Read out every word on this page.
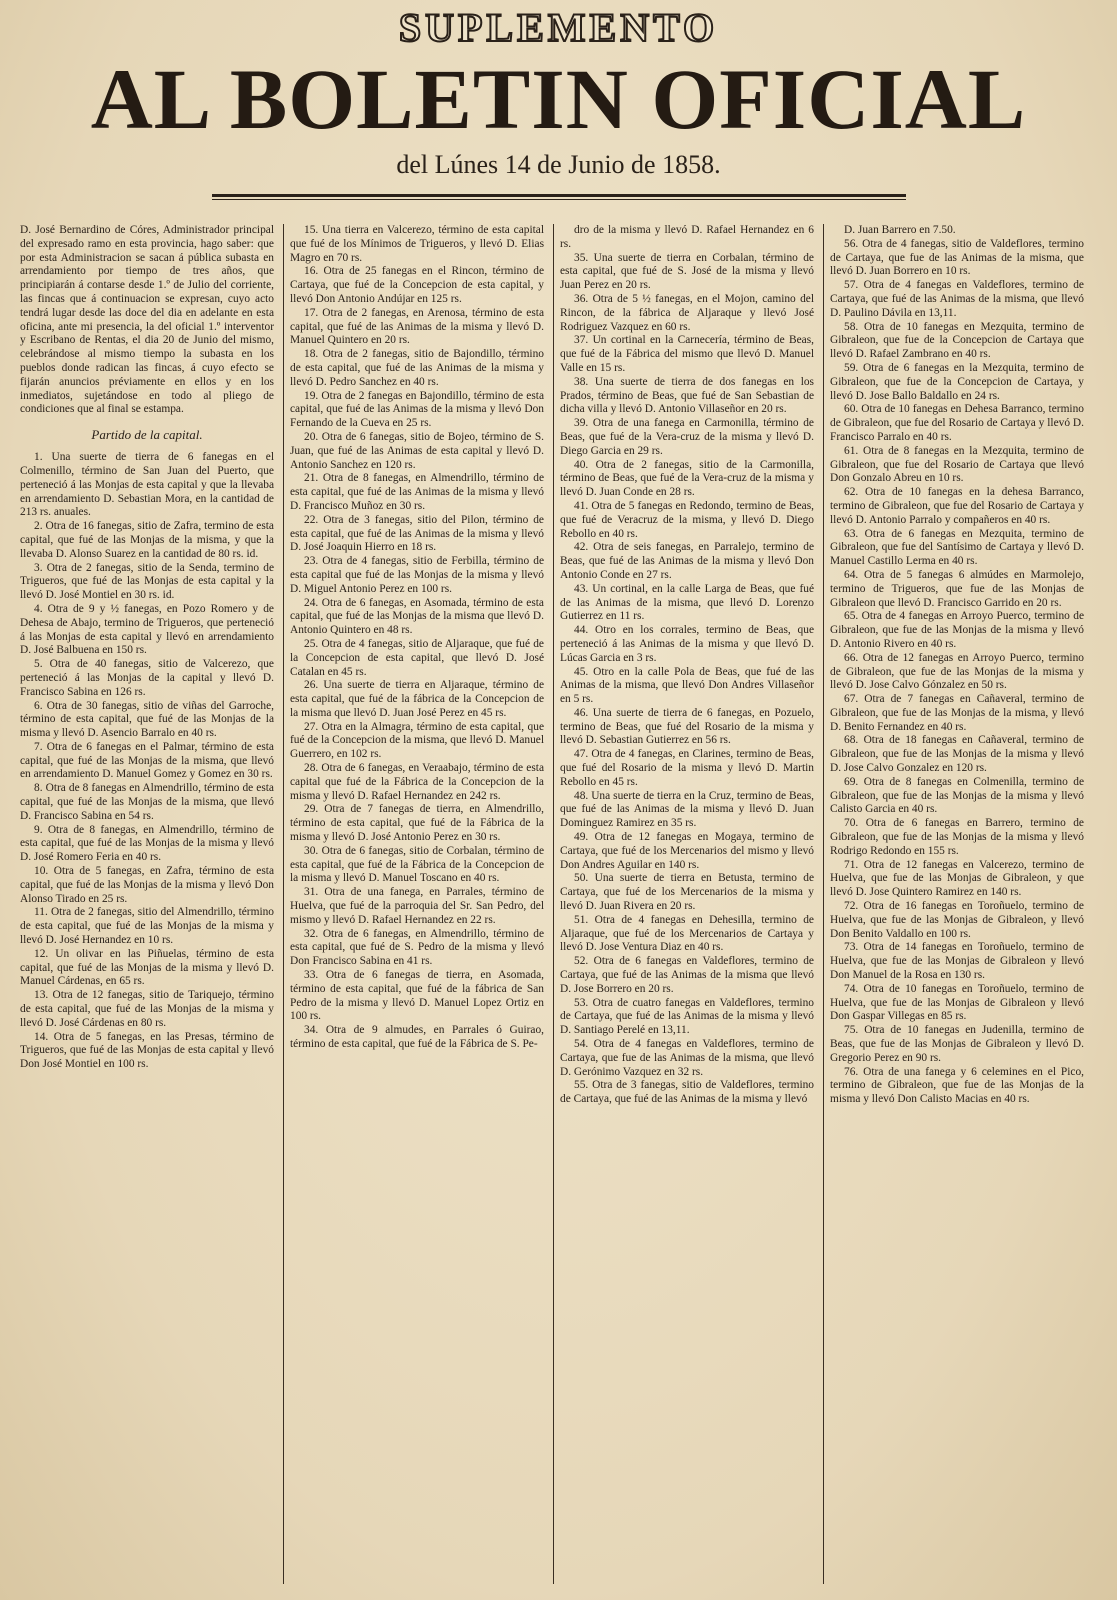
SUPLEMENTO
AL BOLETIN OFICIAL
del Lúnes 14 de Junio de 1858.

D. José Bernardino de Córes, Administrador principal del expresado ramo en esta provincia, hago saber: que por esta Administracion se sacan á pública subasta en arrendamiento por tiempo de tres años, que principiarán á contarse desde 1.º de Julio del corriente, las fincas que á continuacion se expresan, cuyo acto tendrá lugar desde las doce del dia en adelante en esta oficina, ante mi presencia, la del oficial 1.º interventor y Escribano de Rentas, el dia 20 de Junio del mismo, celebrándose al mismo tiempo la subasta en los pueblos donde radican las fincas, á cuyo efecto se fijarán anuncios préviamente en ellos y en los inmediatos, sujetándose en todo al pliego de condiciones que al final se estampa.

Partido de la capital.

1. Una suerte de tierra de 6 fanegas en el Colmenillo, término de San Juan del Puerto, que perteneció á las Monjas de esta capital y que la llevaba en arrendamiento D. Sebastian Mora, en la cantidad de 213 rs. anuales.

2. Otra de 16 fanegas, sitio de Zafra, termino de esta capital, que fué de las Monjas de la misma, y que la llevaba D. Alonso Suarez en la cantidad de 80 rs. id.

3. Otra de 2 fanegas, sitio de la Senda, termino de Trigueros, que fué de las Monjas de esta capital y la llevó D. José Montiel en 30 rs. id.

4. Otra de 9 y ½ fanegas, en Pozo Romero y de Dehesa de Abajo, termino de Trigueros, que perteneció á las Monjas de esta capital y llevó en arrendamiento D. José Balbuena en 150 rs.

5. Otra de 40 fanegas, sitio de Valcerezo, que perteneció á las Monjas de la capital y llevó D. Francisco Sabina en 126 rs.

6. Otra de 30 fanegas, sitio de viñas del Garroche, término de esta capital, que fué de las Monjas de la misma y llevó D. Asencio Barralo en 40 rs.

7. Otra de 6 fanegas en el Palmar, término de esta capital, que fué de las Monjas de la misma, que llevó en arrendamiento D. Manuel Gomez y Gomez en 30 rs.

8. Otra de 8 fanegas en Almendrillo, término de esta capital, que fué de las Monjas de la misma, que llevó D. Francisco Sabina en 54 rs.

9. Otra de 8 fanegas, en Almendrillo, término de esta capital, que fué de las Monjas de la misma y llevó D. José Romero Feria en 40 rs.

10. Otra de 5 fanegas, en Zafra, término de esta capital, que fué de las Monjas de la misma y llevó Don Alonso Tirado en 25 rs.

11. Otra de 2 fanegas, sitio del Almendrillo, término de esta capital, que fué de las Monjas de la misma y llevó D. José Hernandez en 10 rs.

12. Un olivar en las Piñuelas, término de esta capital, que fué de las Monjas de la misma y llevó D. Manuel Cárdenas, en 65 rs.

13. Otra de 12 fanegas, sitio de Tariquejo, término de esta capital, que fué de las Monjas de la misma y llevó D. José Cárdenas en 80 rs.

14. Otra de 5 fanegas, en las Presas, término de Trigueros, que fué de las Monjas de esta capital y llevó Don José Montiel en 100 rs.

15. Una tierra en Valcerezo, término de esta capital que fué de los Mínimos de Trigueros, y llevó D. Elias Magro en 70 rs.

16. Otra de 25 fanegas en el Rincon, término de Cartaya, que fué de la Concepcion de esta capital, y llevó Don Antonio Andújar en 125 rs.

17. Otra de 2 fanegas, en Arenosa, término de esta capital, que fué de las Animas de la misma y llevó D. Manuel Quintero en 20 rs.

18. Otra de 2 fanegas, sitio de Bajondillo, término de esta capital, que fué de las Animas de la misma y llevó D. Pedro Sanchez en 40 rs.

19. Otra de 2 fanegas en Bajondillo, término de esta capital, que fué de las Animas de la misma y llevó Don Fernando de la Cueva en 25 rs.

20. Otra de 6 fanegas, sitio de Bojeo, término de S. Juan, que fué de las Animas de esta capital y llevó D. Antonio Sanchez en 120 rs.

21. Otra de 8 fanegas, en Almendrillo, término de esta capital, que fué de las Animas de la misma y llevó D. Francisco Muñoz en 30 rs.

22. Otra de 3 fanegas, sitio del Pilon, término de esta capital, que fué de las Animas de la misma y llevó D. José Joaquin Hierro en 18 rs.

23. Otra de 4 fanegas, sitio de Ferbilla, término de esta capital que fué de las Monjas de la misma y llevó D. Miguel Antonio Perez en 100 rs.

24. Otra de 6 fanegas, en Asomada, término de esta capital, que fué de las Monjas de la misma que llevó D. Antonio Quintero en 48 rs.

25. Otra de 4 fanegas, sitio de Aljaraque, que fué de la Concepcion de esta capital, que llevó D. José Catalan en 45 rs.

26. Una suerte de tierra en Aljaraque, término de esta capital, que fué de la fábrica de la Concepcion de la misma que llevó D. Juan José Perez en 45 rs.

27. Otra en la Almagra, término de esta capital, que fué de la Concepcion de la misma, que llevó D. Manuel Guerrero, en 102 rs.

28. Otra de 6 fanegas, en Veraabajo, término de esta capital que fué de la Fábrica de la Concepcion de la misma y llevó D. Rafael Hernandez en 242 rs.

29. Otra de 7 fanegas de tierra, en Almendrillo, término de esta capital, que fué de la Fábrica de la misma y llevó D. José Antonio Perez en 30 rs.

30. Otra de 6 fanegas, sitio de Corbalan, término de esta capital, que fué de la Fábrica de la Concepcion de la misma y llevó D. Manuel Toscano en 40 rs.

31. Otra de una fanega, en Parrales, término de Huelva, que fué de la parroquia del Sr. San Pedro, del mismo y llevó D. Rafael Hernandez en 22 rs.

32. Otra de 6 fanegas, en Almendrillo, término de esta capital, que fué de S. Pedro de la misma y llevó Don Francisco Sabina en 41 rs.

33. Otra de 6 fanegas de tierra, en Asomada, término de esta capital, que fué de la fábrica de San Pedro de la misma y llevó D. Manuel Lopez Ortiz en 100 rs.

34. Otra de 9 almudes, en Parrales ó Guirao, término de esta capital, que fué de la Fábrica de S. Pe-

dro de la misma y llevó D. Rafael Hernandez en 6 rs.

35. Una suerte de tierra en Corbalan, término de esta capital, que fué de S. José de la misma y llevó Juan Perez en 20 rs.

36. Otra de 5 ½ fanegas, en el Mojon, camino del Rincon, de la fábrica de Aljaraque y llevó José Rodriguez Vazquez en 60 rs.

37. Un cortinal en la Carnecería, término de Beas, que fué de la Fábrica del mismo que llevó D. Manuel Valle en 15 rs.

38. Una suerte de tierra de dos fanegas en los Prados, término de Beas, que fué de San Sebastian de dicha villa y llevó D. Antonio Villaseñor en 20 rs.

39. Otra de una fanega en Carmonilla, término de Beas, que fué de la Vera-cruz de la misma y llevó D. Diego Garcia en 29 rs.

40. Otra de 2 fanegas, sitio de la Carmonilla, término de Beas, que fué de la Vera-cruz de la misma y llevó D. Juan Conde en 28 rs.

41. Otra de 5 fanegas en Redondo, termino de Beas, que fué de Veracruz de la misma, y llevó D. Diego Rebollo en 40 rs.

42. Otra de seis fanegas, en Parralejo, termino de Beas, que fué de las Animas de la misma y llevó Don Antonio Conde en 27 rs.

43. Un cortinal, en la calle Larga de Beas, que fué de las Animas de la misma, que llevó D. Lorenzo Gutierrez en 11 rs.

44. Otro en los corrales, termino de Beas, que perteneció á las Animas de la misma y que llevó D. Lúcas Garcia en 3 rs.

45. Otro en la calle Pola de Beas, que fué de las Animas de la misma, que llevó Don Andres Villaseñor en 5 rs.

46. Una suerte de tierra de 6 fanegas, en Pozuelo, termino de Beas, que fué del Rosario de la misma y llevó D. Sebastian Gutierrez en 56 rs.

47. Otra de 4 fanegas, en Clarines, termino de Beas, que fué del Rosario de la misma y llevó D. Martin Rebollo en 45 rs.

48. Una suerte de tierra en la Cruz, termino de Beas, que fué de las Animas de la misma y llevó D. Juan Dominguez Ramirez en 35 rs.

49. Otra de 12 fanegas en Mogaya, termino de Cartaya, que fué de los Mercenarios del mismo y llevó Don Andres Aguilar en 140 rs.

50. Una suerte de tierra en Betusta, termino de Cartaya, que fué de los Mercenarios de la misma y llevó D. Juan Rivera en 20 rs.

51. Otra de 4 fanegas en Dehesilla, termino de Aljaraque, que fué de los Mercenarios de Cartaya y llevó D. Jose Ventura Diaz en 40 rs.

52. Otra de 6 fanegas en Valdeflores, termino de Cartaya, que fué de las Animas de la misma que llevó D. Jose Borrero en 20 rs.

53. Otra de cuatro fanegas en Valdeflores, termino de Cartaya, que fué de las Animas de la misma y llevó D. Santiago Perelé en 13,11.

54. Otra de 4 fanegas en Valdeflores, termino de Cartaya, que fue de las Animas de la misma, que llevó D. Gerónimo Vazquez en 32 rs.

55. Otra de 3 fanegas, sitio de Valdeflores, termino de Cartaya, que fué de las Animas de la misma y llevó

D. Juan Barrero en 7.50.

56. Otra de 4 fanegas, sitio de Valdeflores, termino de Cartaya, que fue de las Animas de la misma, que llevó D. Juan Borrero en 10 rs.

57. Otra de 4 fanegas en Valdeflores, termino de Cartaya, que fué de las Animas de la misma, que llevó D. Paulino Dávila en 13,11.

58. Otra de 10 fanegas en Mezquita, termino de Gibraleon, que fue de la Concepcion de Cartaya que llevó D. Rafael Zambrano en 40 rs.

59. Otra de 6 fanegas en la Mezquita, termino de Gibraleon, que fue de la Concepcion de Cartaya, y llevó D. Jose Ballo Baldallo en 24 rs.

60. Otra de 10 fanegas en Dehesa Barranco, termino de Gibraleon, que fue del Rosario de Cartaya y llevó D. Francisco Parralo en 40 rs.

61. Otra de 8 fanegas en la Mezquita, termino de Gibraleon, que fue del Rosario de Cartaya que llevó Don Gonzalo Abreu en 10 rs.

62. Otra de 10 fanegas en la dehesa Barranco, termino de Gibraleon, que fue del Rosario de Cartaya y llevó D. Antonio Parralo y compañeros en 40 rs.

63. Otra de 6 fanegas en Mezquita, termino de Gibraleon, que fue del Santísimo de Cartaya y llevó D. Manuel Castillo Lerma en 40 rs.

64. Otra de 5 fanegas 6 almúdes en Marmolejo, termino de Trigueros, que fue de las Monjas de Gibraleon que llevó D. Francisco Garrido en 20 rs.

65. Otra de 4 fanegas en Arroyo Puerco, termino de Gibraleon, que fue de las Monjas de la misma y llevó D. Antonio Rivero en 40 rs.

66. Otra de 12 fanegas en Arroyo Puerco, termino de Gibraleon, que fue de las Monjas de la misma y llevó D. Jose Calvo Gónzalez en 50 rs.

67. Otra de 7 fanegas en Cañaveral, termino de Gibraleon, que fue de las Monjas de la misma, y llevó D. Benito Fernandez en 40 rs.

68. Otra de 18 fanegas en Cañaveral, termino de Gibraleon, que fue de las Monjas de la misma y llevó D. Jose Calvo Gonzalez en 120 rs.

69. Otra de 8 fanegas en Colmenilla, termino de Gibraleon, que fue de las Monjas de la misma y llevó Calisto Garcia en 40 rs.

70. Otra de 6 fanegas en Barrero, termino de Gibraleon, que fue de las Monjas de la misma y llevó Rodrigo Redondo en 155 rs.

71. Otra de 12 fanegas en Valcerezo, termino de Huelva, que fue de las Monjas de Gibraleon, y que llevó D. Jose Quintero Ramirez en 140 rs.

72. Otra de 16 fanegas en Toroñuelo, termino de Huelva, que fue de las Monjas de Gibraleon, y llevó Don Benito Valdallo en 100 rs.

73. Otra de 14 fanegas en Toroñuelo, termino de Huelva, que fue de las Monjas de Gibraleon y llevó Don Manuel de la Rosa en 130 rs.

74. Otra de 10 fanegas en Toroñuelo, termino de Huelva, que fue de las Monjas de Gibraleon y llevó Don Gaspar Villegas en 85 rs.

75. Otra de 10 fanegas en Judenilla, termino de Beas, que fue de las Monjas de Gibraleon y llevó D. Gregorio Perez en 90 rs.

76. Otra de una fanega y 6 celemines en el Pico, termino de Gibraleon, que fue de las Monjas de la misma y llevó Don Calisto Macias en 40 rs.
